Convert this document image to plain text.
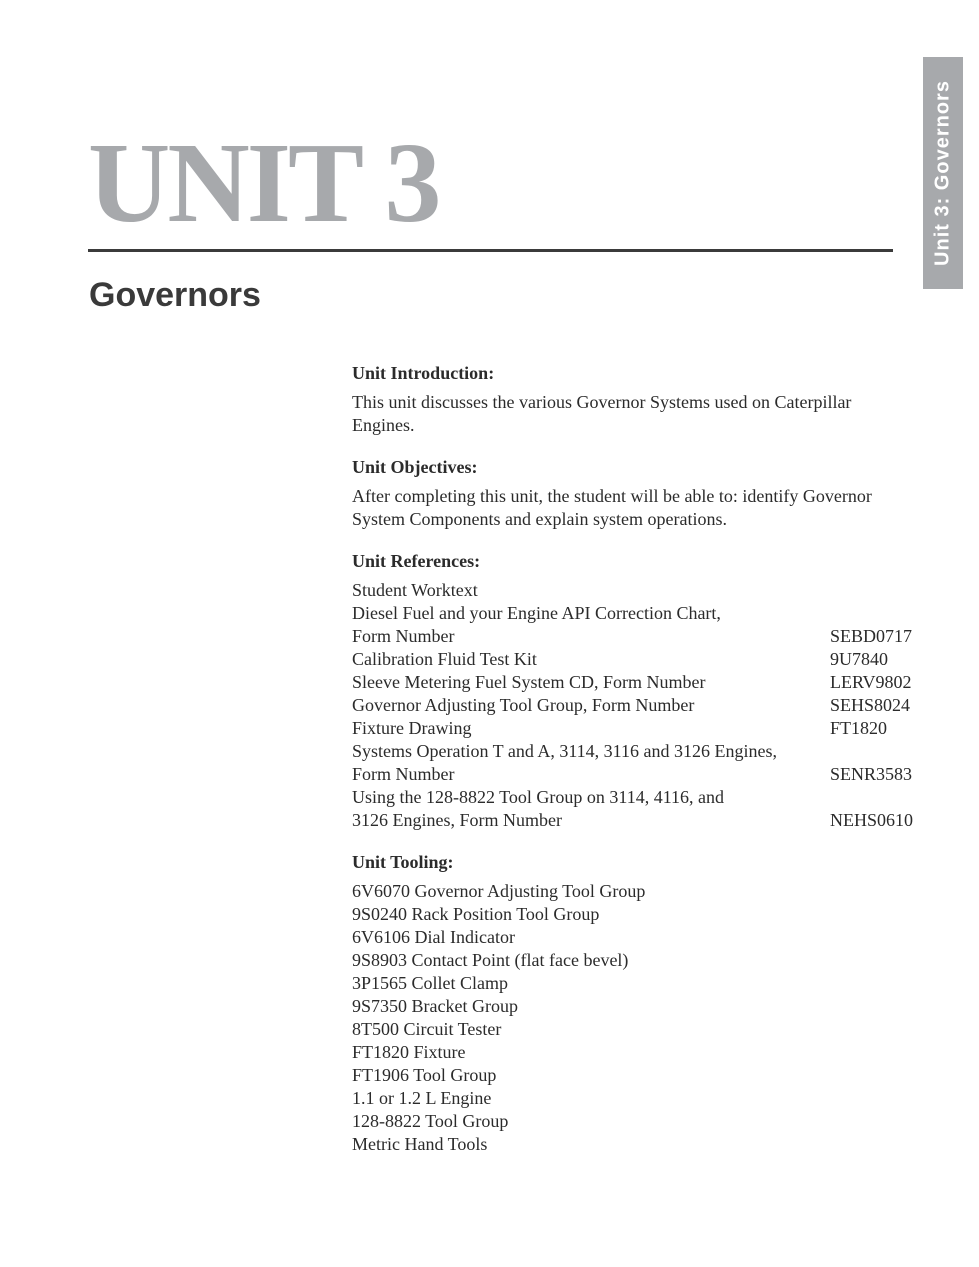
Unit 3: Governors
UNIT 3
Governors
Unit Introduction:

This unit discusses the various Governor Systems used on Caterpillar Engines.

Unit Objectives:

After completing this unit, the student will be able to: identify Governor System Components and explain system operations.

Unit References:
Student Worktext
Diesel Fuel and your Engine API Correction Chart,
Form Number	SEBD0717
Calibration Fluid Test Kit	9U7840
Sleeve Metering Fuel System CD, Form Number	LERV9802
Governor Adjusting Tool Group, Form Number	SEHS8024
Fixture Drawing	FT1820
Systems Operation T and A, 3114, 3116 and 3126 Engines,
Form Number	SENR3583
Using the 128-8822 Tool Group on 3114, 4116, and
3126 Engines, Form Number	NEHS0610
Unit Tooling:
6V6070 Governor Adjusting Tool Group
9S0240 Rack Position Tool Group
6V6106 Dial Indicator
9S8903 Contact Point (flat face bevel)
3P1565 Collet Clamp
9S7350 Bracket Group
8T500 Circuit Tester
FT1820 Fixture
FT1906 Tool Group
1.1 or 1.2 L Engine
128-8822 Tool Group
Metric Hand Tools
